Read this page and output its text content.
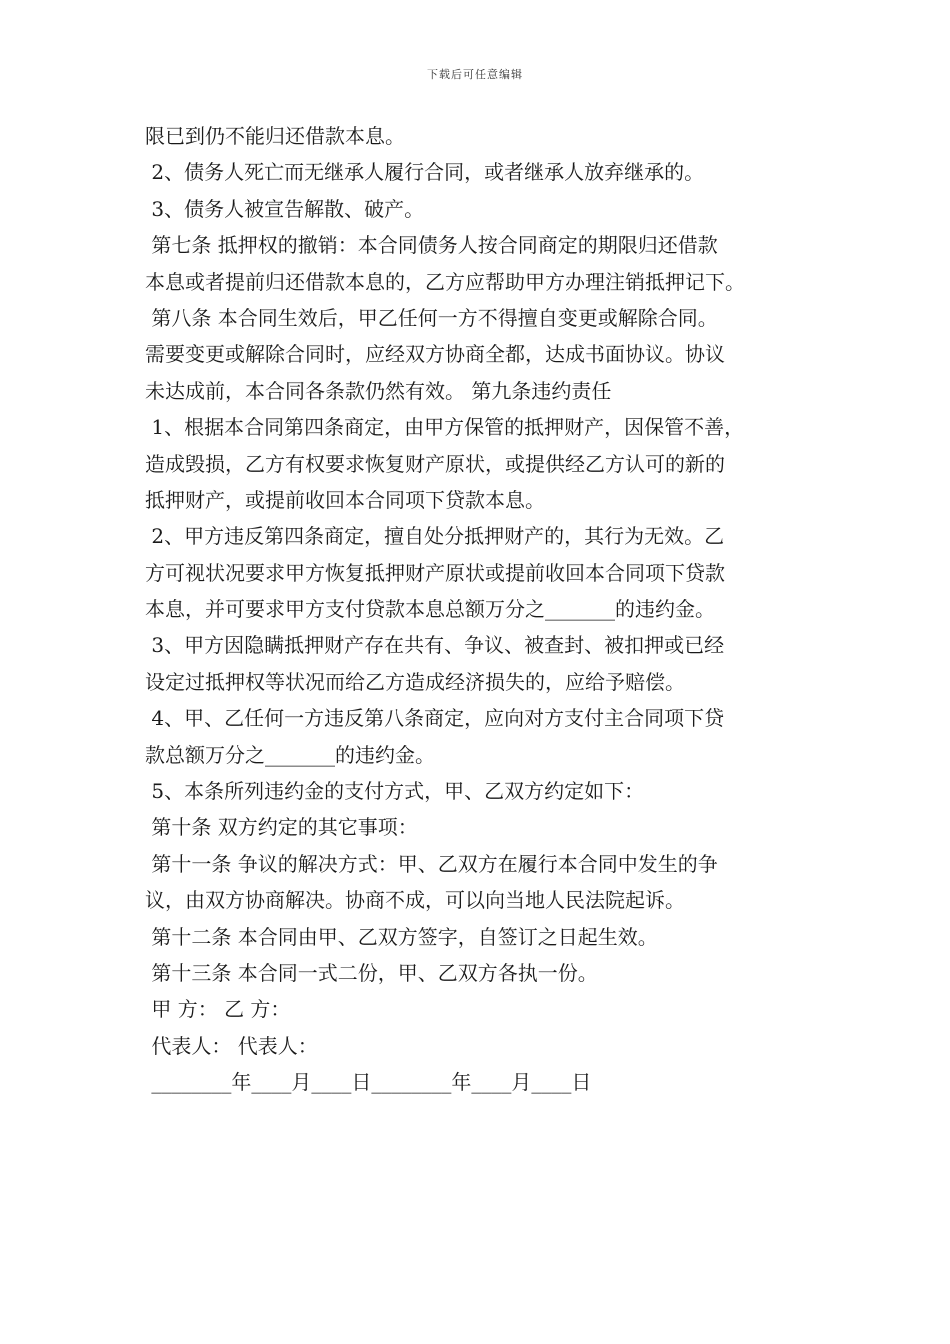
下载后可任意编辑
限已到仍不能归还借款本息。
2、债务人死亡而无继承人履行合同，或者继承人放弃继承的。
3、债务人被宣告解散、破产。
第七条 抵押权的撤销：本合同债务人按合同商定的期限归还借款
本息或者提前归还借款本息的，乙方应帮助甲方办理注销抵押记下。
第八条 本合同生效后，甲乙任何一方不得擅自变更或解除合同。
需要变更或解除合同时，应经双方协商全都，达成书面协议。协议
未达成前，本合同各条款仍然有效。 第九条违约责任
1、根据本合同第四条商定，由甲方保管的抵押财产，因保管不善，
造成毁损，乙方有权要求恢复财产原状，或提供经乙方认可的新的
抵押财产，或提前收回本合同项下贷款本息。
2、甲方违反第四条商定，擅自处分抵押财产的，其行为无效。乙
方可视状况要求甲方恢复抵押财产原状或提前收回本合同项下贷款
本息，并可要求甲方支付贷款本息总额万分之_______的违约金。
3、甲方因隐瞒抵押财产存在共有、争议、被查封、被扣押或已经
设定过抵押权等状况而给乙方造成经济损失的，应给予赔偿。
4、甲、乙任何一方违反第八条商定，应向对方支付主合同项下贷
款总额万分之_______的违约金。
5、本条所列违约金的支付方式，甲、乙双方约定如下：
第十条 双方约定的其它事项：
第十一条 争议的解决方式：甲、乙双方在履行本合同中发生的争
议，由双方协商解决。协商不成，可以向当地人民法院起诉。
第十二条 本合同由甲、乙双方签字，自签订之日起生效。
第十三条 本合同一式二份，甲、乙双方各执一份。
甲 方： 乙 方：
代表人： 代表人：
________年____月____日________年____月____日
